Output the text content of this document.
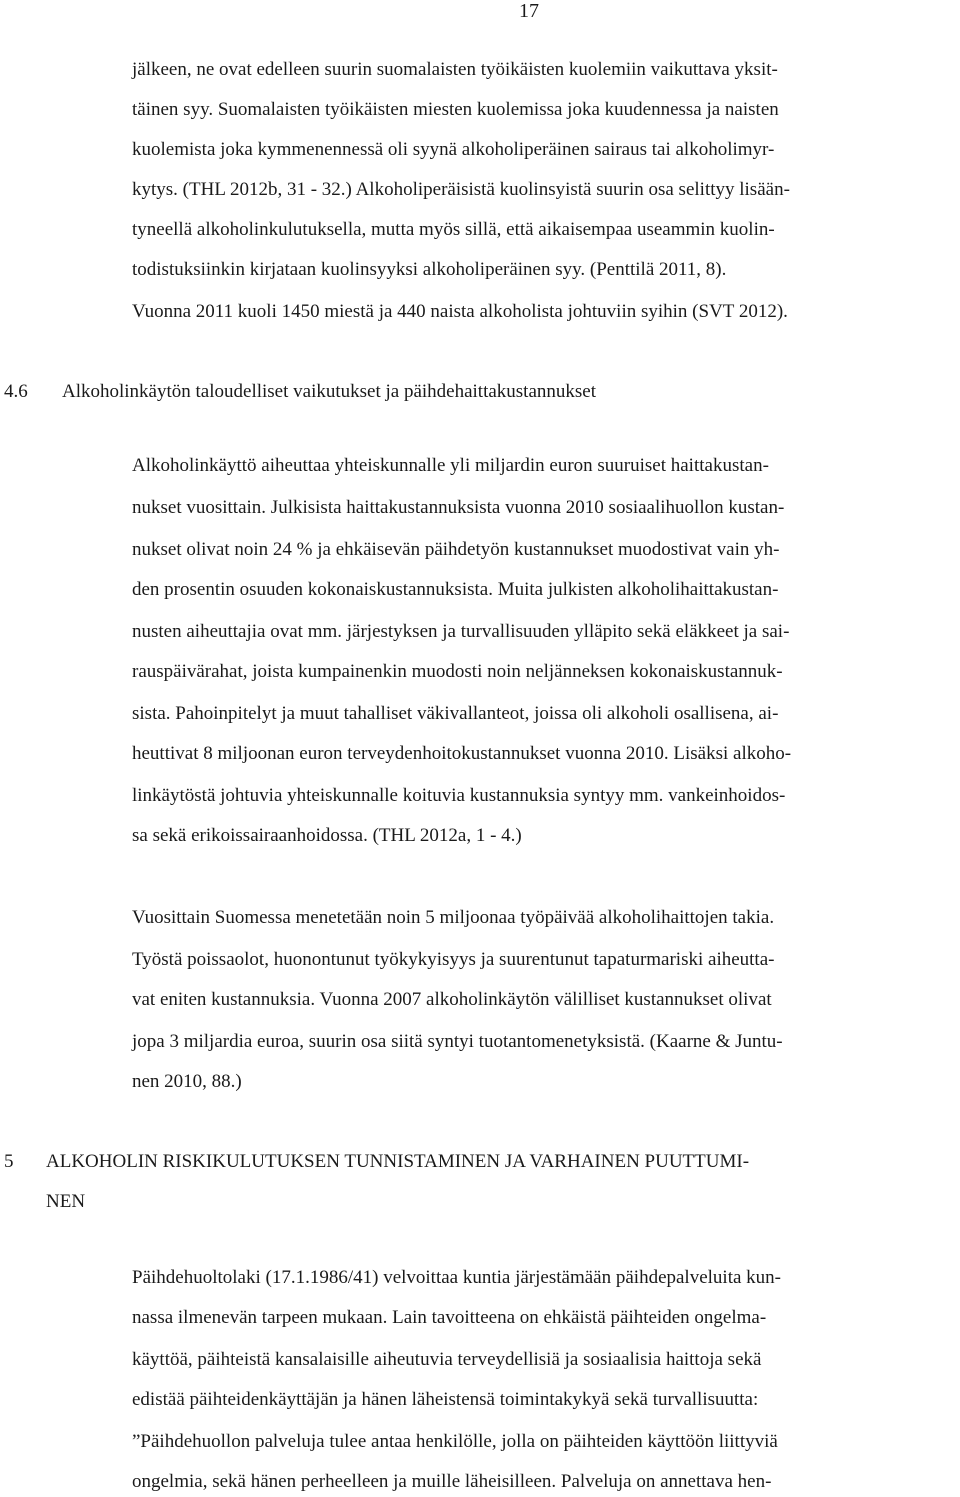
17
jälkeen, ne ovat edelleen suurin suomalaisten työikäisten kuolemiin vaikuttava yksit-
täinen syy. Suomalaisten työikäisten miesten kuolemissa joka kuudennessa ja naisten
kuolemista joka kymmenennessä oli syynä alkoholiperäinen sairaus tai alkoholimyr-
kytys. (THL 2012b, 31 - 32.) Alkoholiperäisistä kuolinsyistä suurin osa selittyy lisään-
tyneellä alkoholinkulutuksella, mutta myös sillä, että aikaisempaa useammin kuolin-
todistuksiinkin kirjataan kuolinsyyksi alkoholiperäinen syy. (Penttilä 2011, 8).
Vuonna 2011 kuoli 1450 miestä ja 440 naista alkoholista johtuviin syihin (SVT 2012).
4.6 Alkoholinkäytön taloudelliset vaikutukset ja päihdehaittakustannukset
Alkoholinkäyttö aiheuttaa yhteiskunnalle yli miljardin euron suuruiset haittakustan-
nukset vuosittain. Julkisista haittakustannuksista vuonna 2010 sosiaalihuollon kustan-
nukset olivat noin 24 % ja ehkäisevän päihdetyön kustannukset muodostivat vain yh-
den prosentin osuuden kokonaiskustannuksista. Muita julkisten alkoholihaittakustan-
nusten aiheuttajia ovat mm. järjestyksen ja turvallisuuden ylläpito sekä eläkkeet ja sai-
rauspäivärahat, joista kumpainenkin muodosti noin neljänneksen kokonaiskustannuk-
sista. Pahoinpitelyt ja muut tahalliset väkivallanteot, joissa oli alkoholi osallisena, ai-
heuttivat 8 miljoonan euron terveydenhoitokustannukset vuonna 2010. Lisäksi alkoho-
linkäytöstä johtuvia yhteiskunnalle koituvia kustannuksia syntyy mm. vankeinhoidos-
sa sekä erikoissairaanhoidossa. (THL 2012a, 1 - 4.)
Vuosittain Suomessa menetetään noin 5 miljoonaa työpäivää alkoholihaittojen takia.
Työstä poissaolot, huonontunut työkykyisyys ja suurentunut tapaturmariski aiheutta-
vat eniten kustannuksia. Vuonna 2007 alkoholinkäytön välilliset kustannukset olivat
jopa 3 miljardia euroa, suurin osa siitä syntyi tuotantomenetyksistä. (Kaarne & Juntu-
nen 2010, 88.)
5 ALKOHOLIN RISKIKULUTUKSEN TUNNISTAMINEN JA VARHAINEN PUUTTUMI-
NEN
Päihdehuoltolaki (17.1.1986/41) velvoittaa kuntia järjestämään päihdepalveluita kun-
nassa ilmenevän tarpeen mukaan. Lain tavoitteena on ehkäistä päihteiden ongelma-
käyttöä, päihteistä kansalaisille aiheutuvia terveydellisiä ja sosiaalisia haittoja sekä
edistää päihteidenkäyttäjän ja hänen läheistensä toimintakykyä sekä turvallisuutta:
”Päihdehuollon palveluja tulee antaa henkilölle, jolla on päihteiden käyttöön liittyviä
ongelmia, sekä hänen perheelleen ja muille läheisilleen. Palveluja on annettava hen-
